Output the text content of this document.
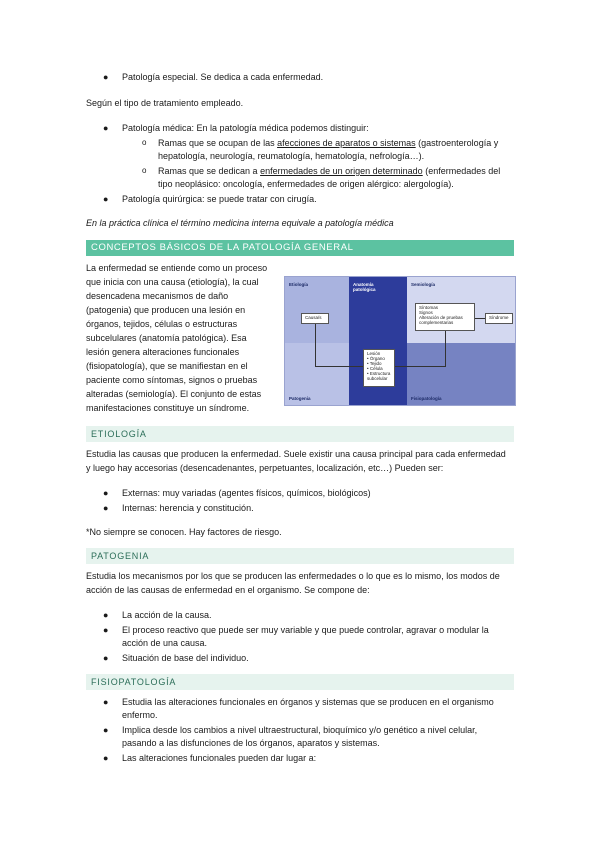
● Patología especial. Se dedica a cada enfermedad.
Según el tipo de tratamiento empleado.
● Patología médica: En la patología médica podemos distinguir:
o Ramas que se ocupan de las afecciones de aparatos o sistemas (gastroenterología y
hepatología, neurología, reumatología, hematología, nefrología…).
o Ramas que se dedican a enfermedades de un origen determinado (enfermedades del
tipo neoplásico: oncología, enfermedades de origen alérgico: alergología).
● Patología quirúrgica: se puede tratar con cirugía.
En la práctica clínica el término medicina interna equivale a patología médica
CONCEPTOS BÁSICOS DE LA PATOLOGÍA GENERAL
La enfermedad se entiende como un proceso
que inicia con una causa (etiología), la cual
desencadena mecanismos de daño
(patogenia) que producen una lesión en
órganos, tejidos, células o estructuras
subcelulares (anatomía patológica). Esa
lesión genera alteraciones funcionales
(fisiopatología), que se manifiestan en el
paciente como síntomas, signos o pruebas
alteradas (semiología). El conjunto de estas
manifestaciones constituye un síndrome.
Etiología	Anatomía patológica
Semiología
Patogenia	Fisiopatología
Causa/s
Síntomas
Signos
Alteración de pruebas
complementarias
Síndrome
Lesión
• Órgano
• Tejido
• Célula
• Estructura
subcelular
ETIOLOGÍA
Estudia las causas que producen la enfermedad. Suele existir una causa principal para cada enfermedad
y luego hay accesorias (desencadenantes, perpetuantes, localización, etc…) Pueden ser:
● Externas: muy variadas (agentes físicos, químicos, biológicos)
● Internas: herencia y constitución.
*No siempre se conocen. Hay factores de riesgo.
PATOGENIA
Estudia los mecanismos por los que se producen las enfermedades o lo que es lo mismo, los modos de
acción de las causas de enfermedad en el organismo. Se compone de:
● La acción de la causa.
● El proceso reactivo que puede ser muy variable y que puede controlar, agravar o modular la
acción de una causa.
● Situación de base del individuo.
FISIOPATOLOGÍA
● Estudia las alteraciones funcionales en órganos y sistemas que se producen en el organismo
enfermo.
● Implica desde los cambios a nivel ultraestructural, bioquímico y/o genético a nivel celular,
pasando a las disfunciones de los órganos, aparatos y sistemas.
● Las alteraciones funcionales pueden dar lugar a:
